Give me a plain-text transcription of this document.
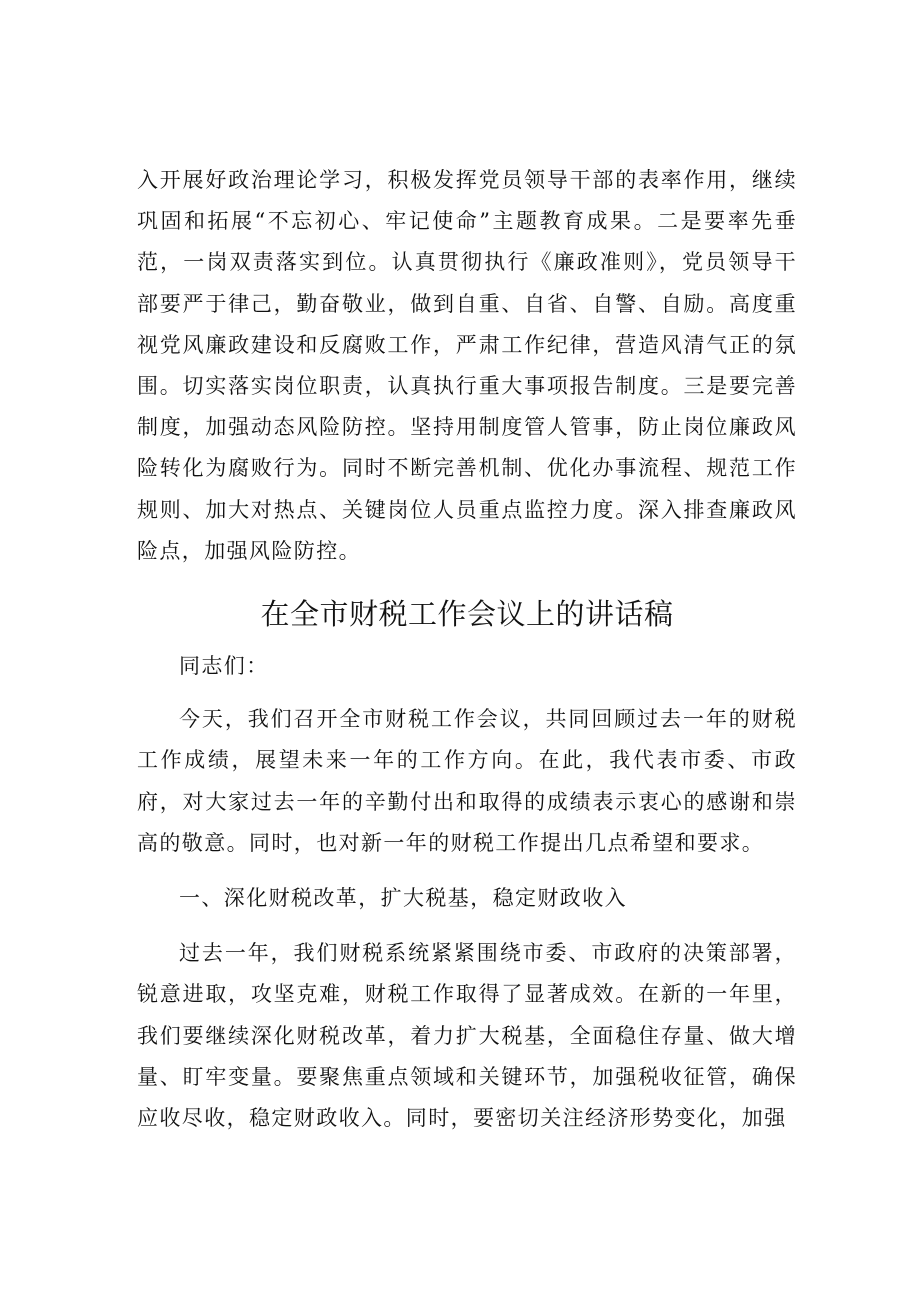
入开展好政治理论学习，积极发挥党员领导干部的表率作用，继续巩固和拓展“不忘初心、牢记使命”主题教育成果。二是要率先垂范，一岗双责落实到位。认真贯彻执行《廉政准则》，党员领导干部要严于律己，勤奋敬业，做到自重、自省、自警、自励。高度重视党风廉政建设和反腐败工作，严肃工作纪律，营造风清气正的氛围。切实落实岗位职责，认真执行重大事项报告制度。三是要完善制度，加强动态风险防控。坚持用制度管人管事，防止岗位廉政风险转化为腐败行为。同时不断完善机制、优化办事流程、规范工作规则、加大对热点、关键岗位人员重点监控力度。深入排查廉政风险点，加强风险防控。

在全市财税工作会议上的讲话稿

同志们：

今天，我们召开全市财税工作会议，共同回顾过去一年的财税工作成绩，展望未来一年的工作方向。在此，我代表市委、市政府，对大家过去一年的辛勤付出和取得的成绩表示衷心的感谢和崇高的敬意。同时，也对新一年的财税工作提出几点希望和要求。

一、深化财税改革，扩大税基，稳定财政收入

过去一年，我们财税系统紧紧围绕市委、市政府的决策部署，锐意进取，攻坚克难，财税工作取得了显著成效。在新的一年里，我们要继续深化财税改革，着力扩大税基，全面稳住存量、做大增量、盯牢变量。要聚焦重点领域和关键环节，加强税收征管，确保应收尽收，稳定财政收入。同时，要密切关注经济形势变化，加强
